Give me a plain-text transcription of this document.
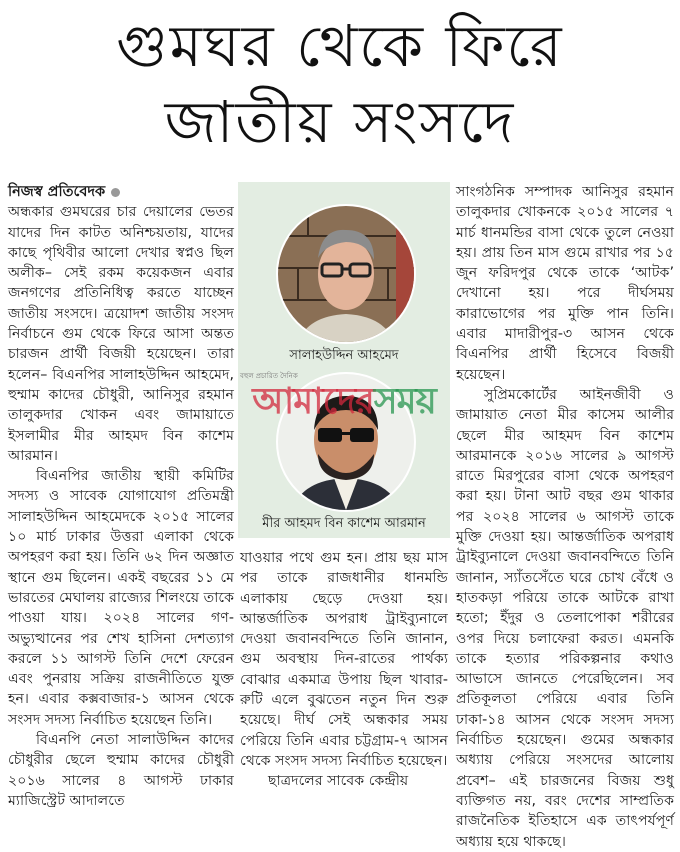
গুমঘর থেকে ফিরে
জাতীয় সংসদে

নিজস্ব প্রতিবেদক

অন্ধকার গুমঘরের চার দেয়ালের ভেতর যাদের দিন কাটত অনিশ্চয়তায়, যাদের কাছে পৃথিবীর আলো দেখার স্বপ্নও ছিল অলীক– সেই রকম কয়েকজন এবার জনগণের প্রতিনিধিত্ব করতে যাচ্ছেন জাতীয় সংসদে। ত্রয়োদশ জাতীয় সংসদ নির্বাচনে গুম থেকে ফিরে আসা অন্তত চারজন প্রার্থী বিজয়ী হয়েছেন। তারা হলেন– বিএনপির সালাহউদ্দিন আহমেদ, হুম্মাম কাদের চৌধুরী, আনিসুর রহমান তালুকদার খোকন এবং জামায়াতে ইসলামীর মীর আহমদ বিন কাশেম আরমান।

বিএনপির জাতীয় স্থায়ী কমিটির সদস্য ও সাবেক যোগাযোগ প্রতিমন্ত্রী সালাহউদ্দিন আহমেদকে ২০১৫ সালের ১০ মার্চ ঢাকার উত্তরা এলাকা থেকে অপহরণ করা হয়। তিনি ৬২ দিন অজ্ঞাত স্থানে গুম ছিলেন। একই বছরের ১১ মে ভারতের মেঘালয় রাজ্যের শিলংয়ে তাকে পাওয়া যায়। ২০২৪ সালের গণ-অভ্যুত্থানের পর শেখ হাসিনা দেশত্যাগ করলে ১১ আগস্ট তিনি দেশে ফেরেন এবং পুনরায় সক্রিয় রাজনীতিতে যুক্ত হন। এবার কক্সবাজার-১ আসন থেকে সংসদ সদস্য নির্বাচিত হয়েছেন তিনি।

বিএনপি নেতা সালাউদ্দিন কাদের চৌধুরীর ছেলে হুম্মাম কাদের চৌধুরী ২০১৬ সালের ৪ আগস্ট ঢাকার ম্যাজিস্ট্রেট আদালতে

সালাহউদ্দিন আহমেদ
বহুল প্রচারিত দৈনিক
আমাদেরসময়
মীর আহমদ বিন কাশেম আরমান

যাওয়ার পথে গুম হন। প্রায় ছয় মাস পর তাকে রাজধানীর ধানমন্ডি এলাকায় ছেড়ে দেওয়া হয়। আন্তর্জাতিক অপরাধ ট্রাইব্যুনালে দেওয়া জবানবন্দিতে তিনি জানান, গুম অবস্থায় দিন-রাতের পার্থক্য বোঝার একমাত্র উপায় ছিল খাবার-রুটি এলে বুঝতেন নতুন দিন শুরু হয়েছে। দীর্ঘ সেই অন্ধকার সময় পেরিয়ে তিনি এবার চট্টগ্রাম-৭ আসন থেকে সংসদ সদস্য নির্বাচিত হয়েছেন।

ছাত্রদলের সাবেক কেন্দ্রীয়

সাংগঠনিক সম্পাদক আনিসুর রহমান তালুকদার খোকনকে ২০১৫ সালের ৭ মার্চ ধানমন্ডির বাসা থেকে তুলে নেওয়া হয়। প্রায় তিন মাস গুমে রাখার পর ১৫ জুন ফরিদপুর থেকে তাকে ‘আটক’ দেখানো হয়। পরে দীর্ঘসময় কারাভোগের পর মুক্তি পান তিনি। এবার মাদারীপুর-৩ আসন থেকে বিএনপির প্রার্থী হিসেবে বিজয়ী হয়েছেন।

সুপ্রিমকোর্টের আইনজীবী ও জামায়াত নেতা মীর কাসেম আলীর ছেলে মীর আহমদ বিন কাশেম আরমানকে ২০১৬ সালের ৯ আগস্ট রাতে মিরপুরের বাসা থেকে অপহরণ করা হয়। টানা আট বছর গুম থাকার পর ২০২৪ সালের ৬ আগস্ট তাকে মুক্তি দেওয়া হয়। আন্তর্জাতিক অপরাধ ট্রাইব্যুনালে দেওয়া জবানবন্দিতে তিনি জানান, স্যাঁতসেঁতে ঘরে চোখ বেঁধে ও হাতকড়া পরিয়ে তাকে আটকে রাখা হতো; ইঁদুর ও তেলাপোকা শরীরের ওপর দিয়ে চলাফেরা করত। এমনকি তাকে হত্যার পরিকল্পনার কথাও আভাসে জানতে পেরেছিলেন। সব প্রতিকূলতা পেরিয়ে এবার তিনি ঢাকা-১৪ আসন থেকে সংসদ সদস্য নির্বাচিত হয়েছেন। গুমের অন্ধকার অধ্যায় পেরিয়ে সংসদের আলোয় প্রবেশ– এই চারজনের বিজয় শুধু ব্যক্তিগত নয়, বরং দেশের সাম্প্রতিক রাজনৈতিক ইতিহাসে এক তাৎপর্যপূর্ণ অধ্যায় হয়ে থাকছে।
